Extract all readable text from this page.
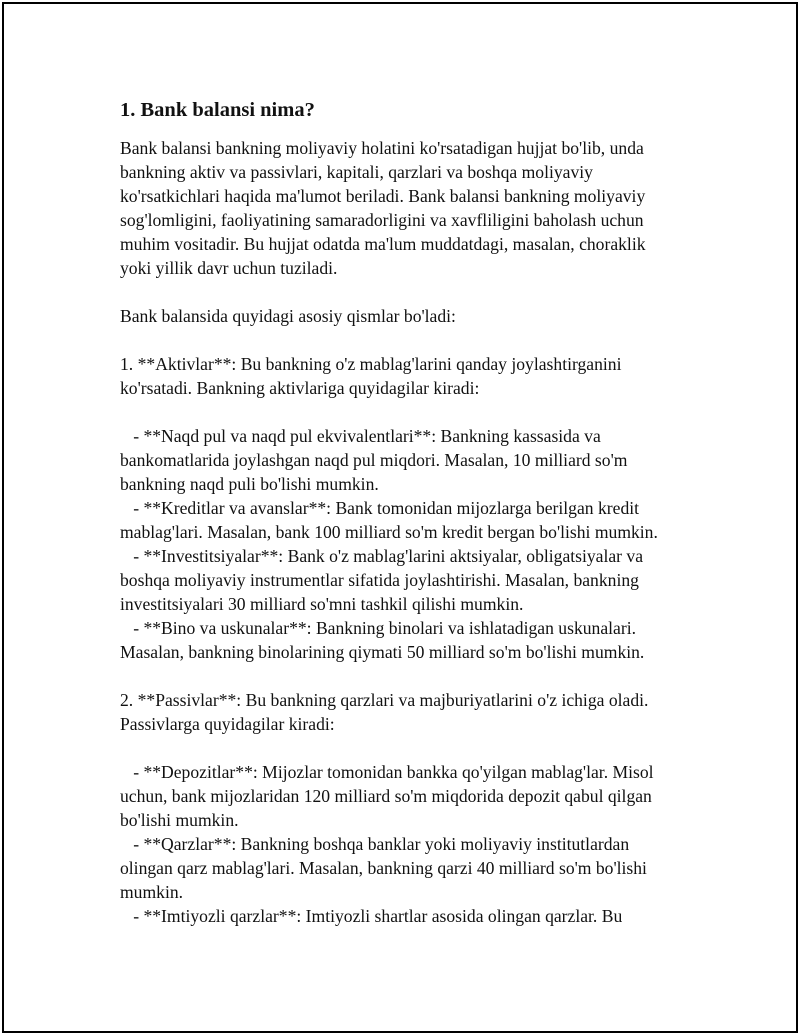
1. Bank balansi nima?
Bank balansi bankning moliyaviy holatini ko'rsatadigan hujjat bo'lib, unda
bankning aktiv va passivlari, kapitali, qarzlari va boshqa moliyaviy
ko'rsatkichlari haqida ma'lumot beriladi. Bank balansi bankning moliyaviy
sog'lomligini, faoliyatining samaradorligini va xavfliligini baholash uchun
muhim vositadir. Bu hujjat odatda ma'lum muddatdagi, masalan, choraklik
yoki yillik davr uchun tuziladi.
Bank balansida quyidagi asosiy qismlar bo'ladi:
1. **Aktivlar**: Bu bankning o'z mablag'larini qanday joylashtirganini
ko'rsatadi. Bankning aktivlariga quyidagilar kiradi:
- **Naqd pul va naqd pul ekvivalentlari**: Bankning kassasida va
bankomatlarida joylashgan naqd pul miqdori. Masalan, 10 milliard so'm
bankning naqd puli bo'lishi mumkin.
- **Kreditlar va avanslar**: Bank tomonidan mijozlarga berilgan kredit
mablag'lari. Masalan, bank 100 milliard so'm kredit bergan bo'lishi mumkin.
- **Investitsiyalar**: Bank o'z mablag'larini aktsiyalar, obligatsiyalar va
boshqa moliyaviy instrumentlar sifatida joylashtirishi. Masalan, bankning
investitsiyalari 30 milliard so'mni tashkil qilishi mumkin.
- **Bino va uskunalar**: Bankning binolari va ishlatadigan uskunalari.
Masalan, bankning binolarining qiymati 50 milliard so'm bo'lishi mumkin.
2. **Passivlar**: Bu bankning qarzlari va majburiyatlarini o'z ichiga oladi.
Passivlarga quyidagilar kiradi:
- **Depozitlar**: Mijozlar tomonidan bankka qo'yilgan mablag'lar. Misol
uchun, bank mijozlaridan 120 milliard so'm miqdorida depozit qabul qilgan
bo'lishi mumkin.
- **Qarzlar**: Bankning boshqa banklar yoki moliyaviy institutlardan
olingan qarz mablag'lari. Masalan, bankning qarzi 40 milliard so'm bo'lishi
mumkin.
- **Imtiyozli qarzlar**: Imtiyozli shartlar asosida olingan qarzlar. Bu
